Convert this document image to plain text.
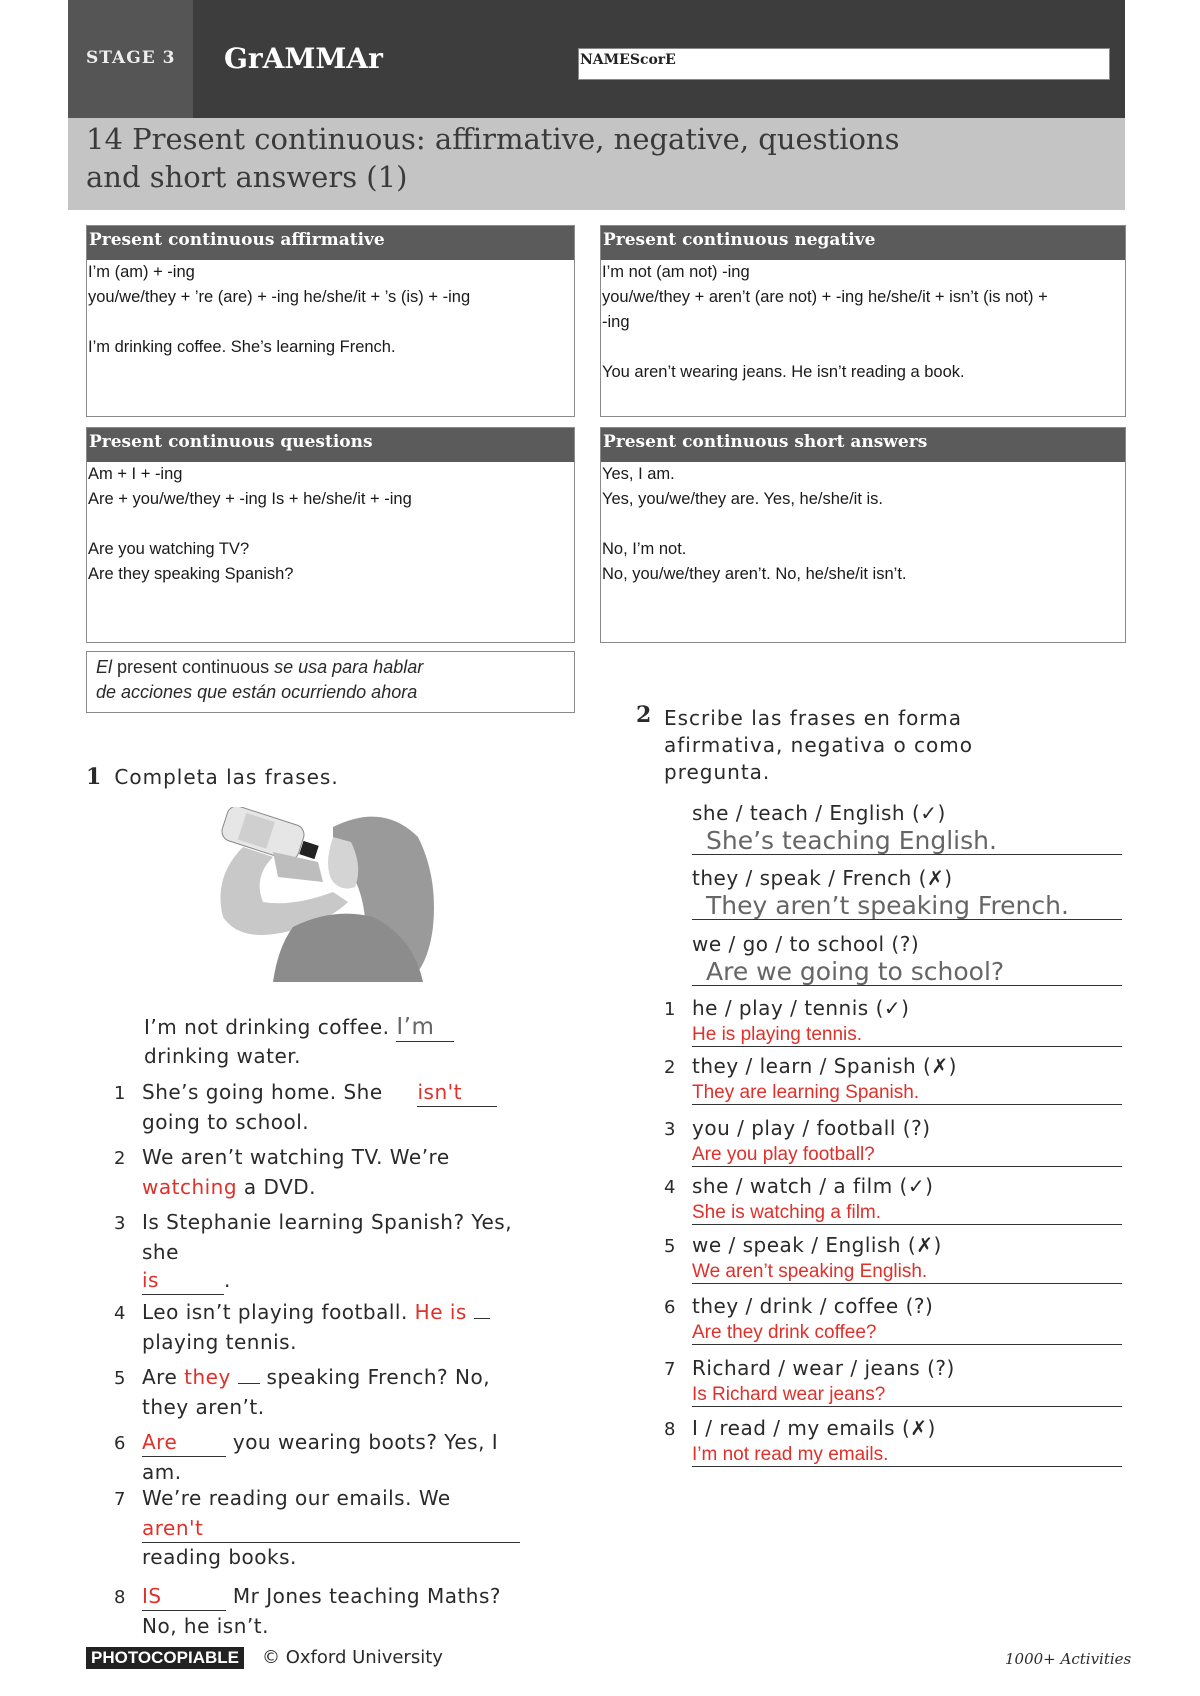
STAGE 3 GrAMMAr	NAMEScorE
14 Present continuous: affirmative, negative, questions
and short answers (1)
Present continuous affirmative

I’m (am) + -ing

you/we/they + ’re (are) + -ing he/she/it + ’s (is) + -ing

I’m drinking coffee. She’s learning French.

Present continuous negative

I’m not (am not) -ing

you/we/they + aren’t (are not) + -ing he/she/it + isn’t (is not) +

-ing

You aren’t wearing jeans. He isn’t reading a book.

Present continuous questions

Am + I + -ing

Are + you/we/they + -ing Is + he/she/it + -ing

Are you watching TV?

Are they speaking Spanish?

Present continuous short answers

Yes, I am.

Yes, you/we/they are. Yes, he/she/it is.

No, I’m not.

No, you/we/they aren’t. No, he/she/it isn’t.

El present continuous se usa para hablar
de acciones que están ocurriendo ahora
1 Completa las frases.
I’m not drinking coffee. I’m
drinking water.
1 She’s going home. She isn't
going to school.
2 We aren’t watching TV. We’re
watching a DVD.
3 Is Stephanie learning Spanish? Yes,
she
is	.
4 Leo isn’t playing football. He is
playing tennis.
5 Are they speaking French? No,
they aren’t.
6 Are	you wearing boots? Yes, I
am.
7 We’re reading our emails. We
aren't
reading books.
8 IS	Mr Jones teaching Maths?
No, he isn’t.
2 Escribe las frases en forma
afirmativa, negativa o como
pregunta.
she / teach / English (✓)
She’s teaching English.
they / speak / French (✗)
They aren’t speaking French.
we / go / to school (?)
Are we going to school?
1 he / play / tennis (✓)
He is playing tennis.
2 they / learn / Spanish (✗)
They are learning Spanish.
3 you / play / football (?)
Are you play football?
4 she / watch / a film (✓)
She is watching a film.
5 we / speak / English (✗)
We aren’t speaking English.
6 they / drink / coffee (?)
Are they drink coffee?
7 Richard / wear / jeans (?)
Is Richard wear jeans?
8 I / read / my emails (✗)
I’m not read my emails.
PHOTOCOPIABLE © Oxford University	1000+ Activities
